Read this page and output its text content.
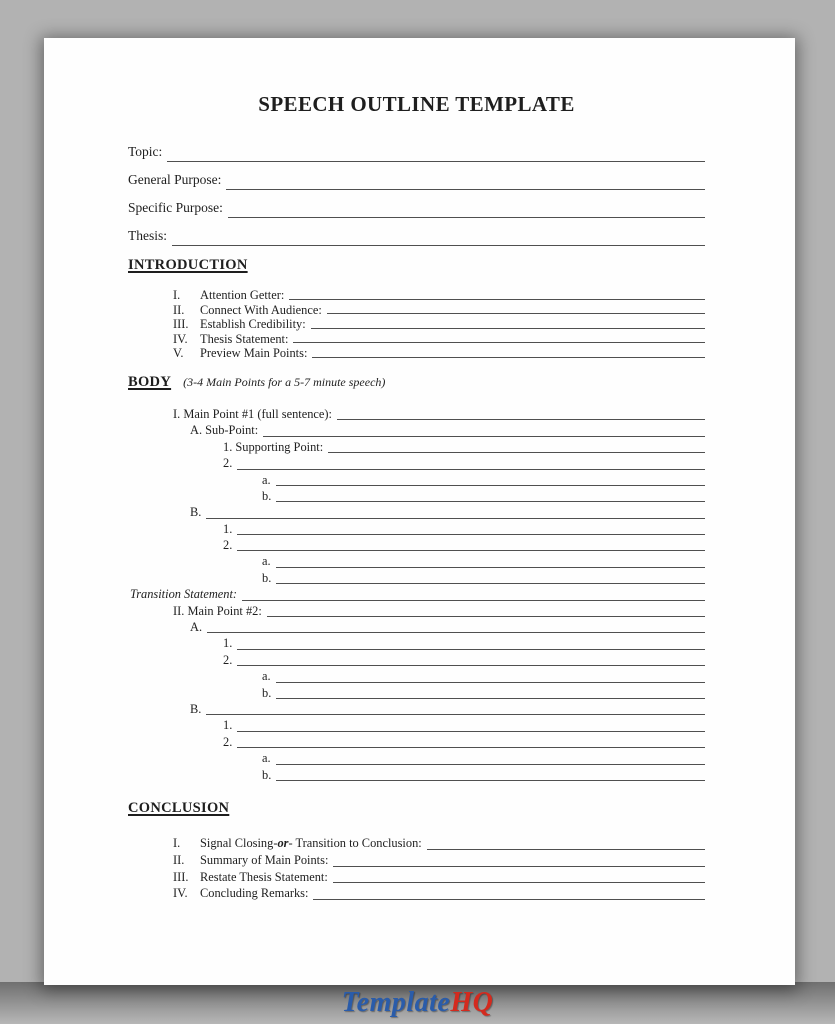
SPEECH OUTLINE TEMPLATE
Topic:
General Purpose:
Specific Purpose:
Thesis:
INTRODUCTION
I.	Attention Getter:
II.	Connect With Audience:
III. Establish Credibility:
IV.	Thesis Statement:
V.	Preview Main Points:
BODY (3-4 Main Points for a 5-7 minute speech)
I. Main Point #1 (full sentence):
A. Sub-Point:
1. Supporting Point:
2.
a.
b.
B.
1.
2.
a.
b.
Transition Statement:
II. Main Point #2:
A.
1.
2.
a.
b.
B.
1.
2.
a.
b.
CONCLUSION
I.	Signal Closing-or- Transition to Conclusion:
II.	Summary of Main Points:
III. Restate Thesis Statement:
IV.	Concluding Remarks:
TemplateHQ
